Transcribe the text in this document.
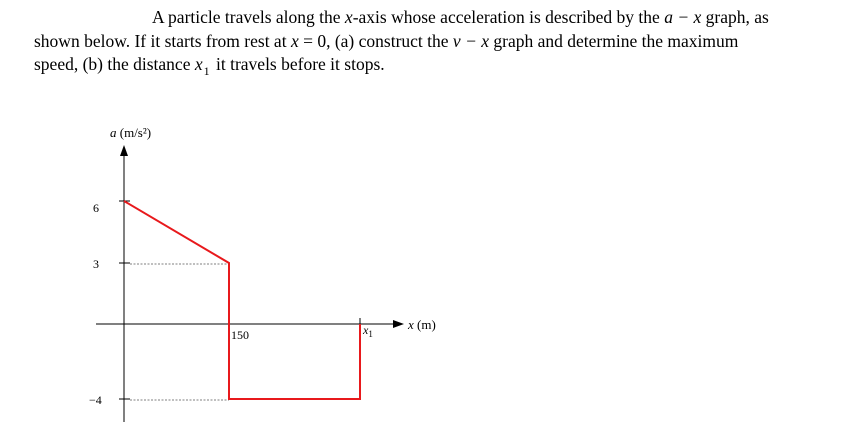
A particle travels along the x-axis whose acceleration is described by the a − x graph, as

shown below. If it starts from rest at x = 0, (a) construct the v − x graph and determine the maximum

speed, (b) the distance $x_1$ it travels before it stops.

a (m/s²)
x (m)
6
3
−4
150	$x_1$
